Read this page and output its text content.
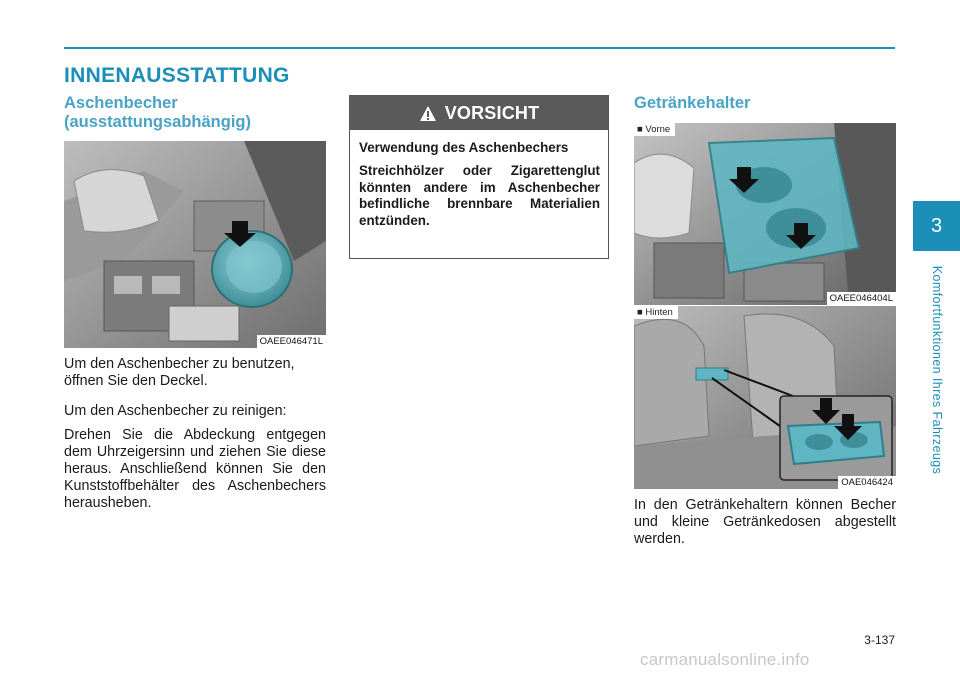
INNENAUSSTATTUNG
Aschenbecher
(ausstattungsabhängig)
OAEE046471L

Um den Aschenbecher zu benutzen, öffnen Sie den Deckel.

Um den Aschenbecher zu reinigen:

Drehen Sie die Abdeckung entgegen dem Uhrzeigersinn und ziehen Sie diese heraus. Anschließend können Sie den Kunststoffbehälter des Aschenbechers herausheben.

VORSICHT
Verwendung des Aschenbechers
Streichhölzer oder Zigarettenglut könnten andere im Aschenbecher befindliche brennbare Materialien entzünden.
Getränkehalter
■ Vorne
OAEE046404L
■ Hinten
OAE046424

In den Getränkehaltern können Becher und kleine Getränkedosen abgestellt werden.

3
Komfortfunktionen Ihres Fahrzeugs
3-137
carmanualsonline.info
